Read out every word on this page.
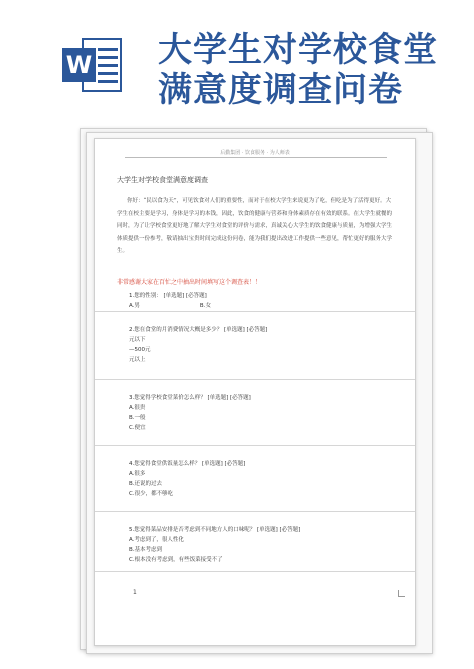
W 大学生对学校食堂
满意度调查问卷
后勤集团 · 饮食服务 · 为人师表
大学生对学校食堂满意度调查
你好：“民以食为天”，可见饮食对人们的重要性，而对于在校大学生来说更为了吃，但吃是为了活得更好。大学生在校主要是学习，身体是学习的本钱，因此，饮食的健康与营养和身体素质存在有效的联系。在大学生就餐的同时，为了让学校食堂更好地了解大学生对食堂的评价与需求，真诚关心大学生的饮食健康与质量，为增强大学生体质提供一份参考，敬请抽出宝贵时间完成这份问卷，能为我们提出改进工作提供一些意见，帮忙更好的服务大学生。
非常感谢大家在百忙之中抽出时间填写这个调查表！！
1.您的性别： [单选题] [必答题]
A.男	B.女
2.您在食堂的月消费情况大概是多少？ [单选题] [必答题]
元以下
—500元
元以上
3.您觉得学校食堂菜价怎么样？ [单选题] [必答题]
A.很贵
B.一般
C.便宜
4.您觉得食堂供饭量怎么样？ [单选题] [必答题]
A.很多
B.还说的过去
C.很少，都不够吃
5.您觉得菜品安排是否考虑到不同地方人的口味呢？ [单选题] [必答题]
A.考虑到了，很人性化
B.基本考虑到
C.根本没有考虑到，有些饭菜接受不了
1
